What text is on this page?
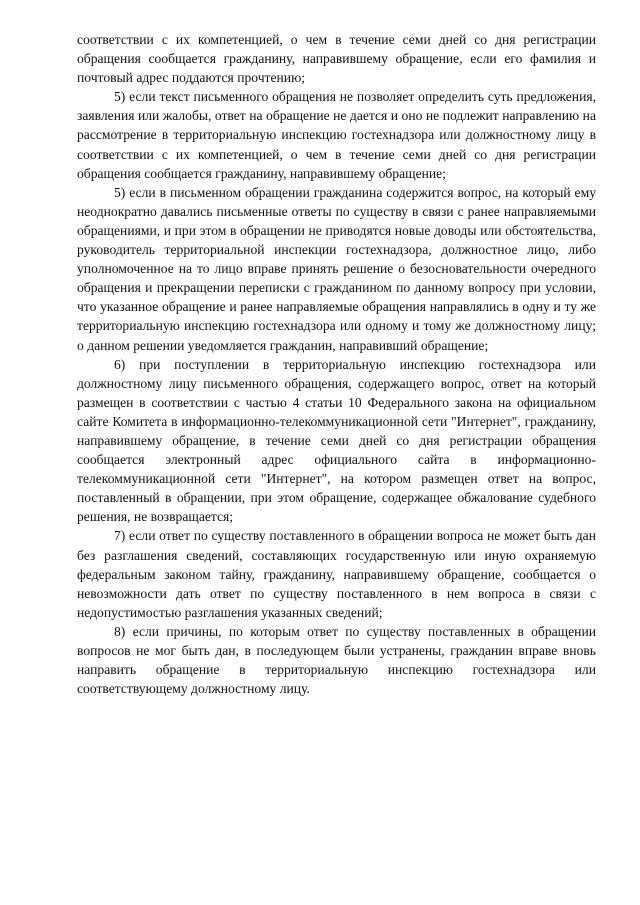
соответствии с их компетенцией, о чем в течение семи дней со дня регистрации обращения сообщается гражданину, направившему обращение, если его фамилия и почтовый адрес поддаются прочтению;

5) если текст письменного обращения не позволяет определить суть предложения, заявления или жалобы, ответ на обращение не дается и оно не подлежит направлению на рассмотрение в территориальную инспекцию гостехнадзора или должностному лицу в соответствии с их компетенцией, о чем в течение семи дней со дня регистрации обращения сообщается гражданину, направившему обращение;

5) если в письменном обращении гражданина содержится вопрос, на который ему неоднократно давались письменные ответы по существу в связи с ранее направляемыми обращениями, и при этом в обращении не приводятся новые доводы или обстоятельства, руководитель территориальной инспекции гостехнадзора, должностное лицо, либо уполномоченное на то лицо вправе принять решение о безосновательности очередного обращения и прекращении переписки с гражданином по данному вопросу при условии, что указанное обращение и ранее направляемые обращения направлялись в одну и ту же территориальную инспекцию гостехнадзора или одному и тому же должностному лицу; о данном решении уведомляется гражданин, направивший обращение;

6) при поступлении в территориальную инспекцию гостехнадзора или должностному лицу письменного обращения, содержащего вопрос, ответ на который размещен в соответствии с частью 4 статьи 10 Федерального закона на официальном сайте Комитета в информационно-телекоммуникационной сети "Интернет", гражданину, направившему обращение, в течение семи дней со дня регистрации обращения сообщается электронный адрес официального сайта в информационно-телекоммуникационной сети "Интернет", на котором размещен ответ на вопрос, поставленный в обращении, при этом обращение, содержащее обжалование судебного решения, не возвращается;

7) если ответ по существу поставленного в обращении вопроса не может быть дан без разглашения сведений, составляющих государственную или иную охраняемую федеральным законом тайну, гражданину, направившему обращение, сообщается о невозможности дать ответ по существу поставленного в нем вопроса в связи с недопустимостью разглашения указанных сведений;

8) если причины, по которым ответ по существу поставленных в обращении вопросов не мог быть дан, в последующем были устранены, гражданин вправе вновь направить обращение в территориальную инспекцию гостехнадзора или соответствующему должностному лицу.
